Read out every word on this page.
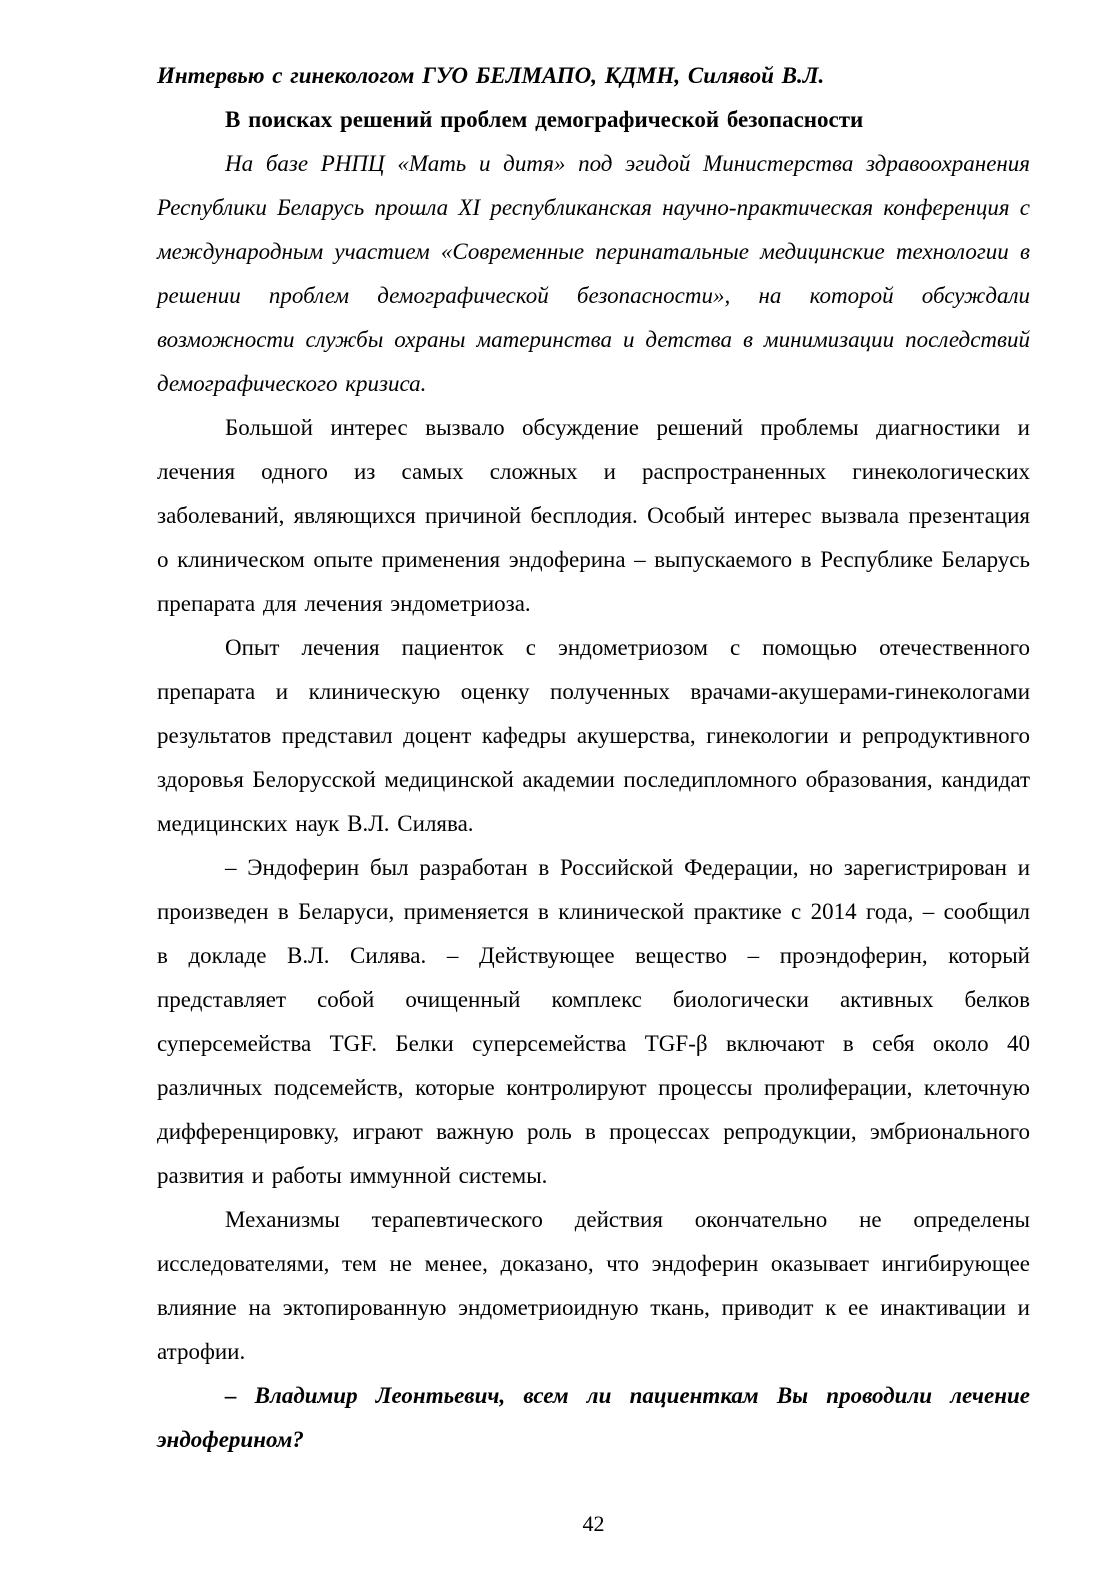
Интервью с гинекологом ГУО БЕЛМАПО, КДМН, Силявой В.Л.

В поисках решений проблем демографической безопасности

На базе РНПЦ «Мать и дитя» под эгидой Министерства здравоохранения Республики Беларусь прошла XI республиканская научно-практическая конференция с международным участием «Современные перинатальные медицинские технологии в решении проблем демографической безопасности», на которой обсуждали возможности службы охраны материнства и детства в минимизации последствий демографического кризиса.

Большой интерес вызвало обсуждение решений проблемы диагностики и лечения одного из самых сложных и распространенных гинекологических заболеваний, являющихся причиной бесплодия. Особый интерес вызвала презентация о клиническом опыте применения эндоферина – выпускаемого в Республике Беларусь препарата для лечения эндометриоза.

Опыт лечения пациенток с эндометриозом с помощью отечественного препарата и клиническую оценку полученных врачами-акушерами-гинекологами результатов представил доцент кафедры акушерства, гинекологии и репродуктивного здоровья Белорусской медицинской академии последипломного образования, кандидат медицинских наук В.Л. Силява.

– Эндоферин был разработан в Российской Федерации, но зарегистрирован и произведен в Беларуси, применяется в клинической практике с 2014 года, – сообщил в докладе В.Л. Силява. – Действующее вещество – проэндоферин, который представляет собой очищенный комплекс биологически активных белков суперсемейства TGF. Белки суперсемейства TGF-β включают в себя около 40 различных подсемейств, которые контролируют процессы пролиферации, клеточную дифференцировку, играют важную роль в процессах репродукции, эмбрионального развития и работы иммунной системы.

Механизмы терапевтического действия окончательно не определены исследователями, тем не менее, доказано, что эндоферин оказывает ингибирующее влияние на эктопированную эндометриоидную ткань, приводит к ее инактивации и атрофии.

– Владимир Леонтьевич, всем ли пациенткам Вы проводили лечение эндоферином?

42
